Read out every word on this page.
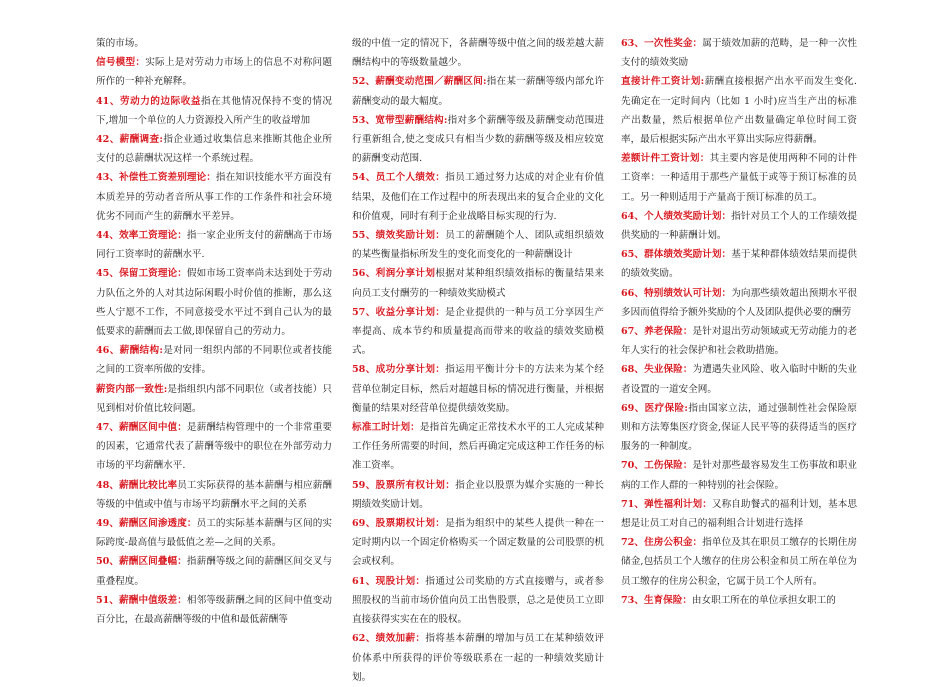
策的市场。

信号模型：实际上是对劳动力市场上的信息不对称问题所作的一种补充解释。

41、劳动力的边际收益指在其他情况保持不变的情况下,增加一个单位的人力资源投入所产生的收益增加

42、薪酬调查:指企业通过收集信息来推断其他企业所支付的总薪酬状况这样一个系统过程。

43、补偿性工资差别理论：指在知识技能水平方面没有本质差异的劳动者音所从事工作的工作条件和社会环境优劣不同而产生的薪酬水平差异。

44、效率工资理论：指一家企业所支付的薪酬高于市场同行工资率时的薪酬水平.

45、保留工资理论：假如市场工资率尚未达到处于劳动力队伍之外的人对其边际闲暇小时价值的推断，那么这些人宁愿不工作，不同意接受水平过不到自己认为的最低要求的薪酬而去工做,即保留自己的劳动力。

46、薪酬结构:是对同一组织内部的不同职位或者技能之间的工资率所做的安排。

薪资内部一致性:是指组织内部不同职位（或者技能）只见到相对价值比较问题。

47、薪酬区间中值：是薪酬结构管理中的一个非常重要的因素，它通常代表了薪酬等级中的职位在外部劳动力市场的平均薪酬水平.

48、薪酬比较比率员工实际获得的基本薪酬与相应薪酬等级的中值或中值与市场平均薪酬水平之间的关系

49、薪酬区间渗透度：员工的实际基本薪酬与区间的实际跨度-最高值与最低值之差—之间的关系。

50、薪酬区间叠幅：指薪酬等级之间的薪酬区间交叉与重叠程度。

51、薪酬中值级差：相邻等级薪酬之间的区间中值变动百分比，在最高薪酬等级的中值和最低薪酬等

级的中值一定的情况下，各薪酬等级中值之间的级差越大薪酬结构中的等级数量越少。

52、薪酬变动范围／薪酬区间:指在某一薪酬等级内部允许薪酬变动的最大幅度。

53、宽带型薪酬结构:指对多个薪酬等级及薪酬变动范围进行重新组合,使之变成只有相当少数的薪酬等级及相应较宽的薪酬变动范围.

54、员工个人绩效：指员工通过努力达成的对企业有价值结果，及他们在工作过程中的所表现出来的复合企业的文化和价值观，同时有利于企业战略目标实现的行为.

55、绩效奖励计划：员工的薪酬随个人、团队或组织绩效的某些衡量指标所发生的变化而变化的一种薪酬设计

56、利润分享计划根据对某种组织绩效指标的衡量结果来向员工支付酬劳的一种绩效奖励模式

57、收益分享计划：是企业提供的一种与员工分享因生产率提高、成本节约和质量提高而带来的收益的绩效奖励模式。

58、成功分享计划：指运用平衡计分卡的方法来为某个经营单位制定目标，然后对超越目标的情况进行衡量，并根据衡量的结果对经营单位提供绩效奖励。

标准工时计划：是指首先确定正常技术水平的工人完成某种工作任务所需要的时间，然后再确定完成这种工作任务的标准工资率。

59、股票所有权计划：指企业以股票为媒介实施的一种长期绩效奖励计划。

69、股票期权计划：是指为组织中的某些人提供一种在一定时期内以一个固定价格购买一个固定数量的公司股票的机会或权利。

61、现股计划：指通过公司奖励的方式直接赠与，或者参照股权的当前市场价值向员工出售股票，总之是使员工立即直接获得实实在在的股权。

62、绩效加薪：指将基本薪酬的增加与员工在某种绩效评价体系中所获得的评价等级联系在一起的一种绩效奖励计划。

63、一次性奖金：属于绩效加薪的范畴，是一种一次性支付的绩效奖励

直接计件工资计划:薪酬直接根据产出水平而发生变化.先确定在一定时间内（比如 1 小时)应当生产出的标准产出数量，然后根据单位产出数量确定单位时间工资率，最后根据实际产出水平算出实际应得薪酬。

差额计件工资计划：其主要内容是使用两种不同的计件工资率：一种适用于那些产量低于或等于预订标准的员工。另一种则适用于产量高于预订标准的员工。

64、个人绩效奖励计划：指针对员工个人的工作绩效提供奖励的一种薪酬计划。

65、群体绩效奖励计划：基于某种群体绩效结果而提供的绩效奖励。

66、特别绩效认可计划：为向那些绩效超出预期水平很多因而值得给予额外奖励的个人及团队提供必要的酬劳

67、养老保险：是针对退出劳动领域或无劳动能力的老年人实行的社会保护和社会救助措施。

68、失业保险：为遭遇失业风险、收入临时中断的失业者设置的一道安全网。

69、医疗保险:指由国家立法，通过强制性社会保险原则和方法筹集医疗资金,保证人民平等的获得适当的医疗服务的一种制度。

70、工伤保险：是针对那些最容易发生工伤事故和职业病的工作人群的一种特别的社会保险。

71、弹性福利计划：又称自助餐式的福利计划，基本思想是让员工对自己的福利组合计划进行选择

72、住房公积金：指单位及其在职员工缴存的长期住房储金,包括员工个人缴存的住房公积金和员工所在单位为员工缴存的住房公积金，它属于员工个人所有。

73、生育保险：由女职工所在的单位承担女职工的
